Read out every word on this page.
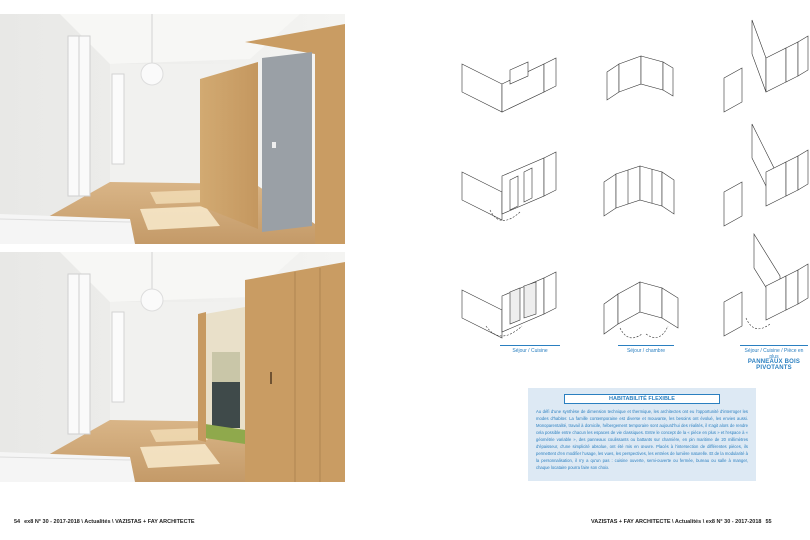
Séjour / Cuisine	Séjour / chambre	Séjour / Cuisine / Pièce en plus
PANNEAUX BOIS PIVOTANTS
HABITABILITÉ FLEXIBLE
Au défi d'une synthèse de dimension technique et thermique, les architectes ont eu l'opportunité d'interroger les modes d'habiter. La famille contemporaine est diverse et mouvante, les besoins ont évolué, les envies aussi. Monoparentalité, travail à domicile, hébergement temporaire sont aujourd'hui des réalités, il s'agit alors de rendre cela possible entre chacun les espaces de vie classiques. Entre le concept de la « pièce en plus » et l'espace à « géométrie variable », des panneaux coulissants ou battants sur charnière, en pin maritime de 20 millimètres d'épaisseur, d'une simplicité absolue, ont été mis en œuvre. Placés à l'intersection de différentes pièces, ils permettent d'en modifier l'usage, les vues, les perspectives, les entrées de lumière naturelle. Et de la modularité à la personnalisation, il n'y a qu'un pas : cuisine ouverte, semi-ouverte ou fermée, bureau ou salle à manger, chaque locataire pourra faire son choix.
54 ex8 N° 30 - 2017-2018 \ Actualités \ VAZISTAS + FAY ARCHITECTE	VAZISTAS + FAY ARCHITECTE \ Actualités \ ex8 N° 30 - 2017-2018 55
